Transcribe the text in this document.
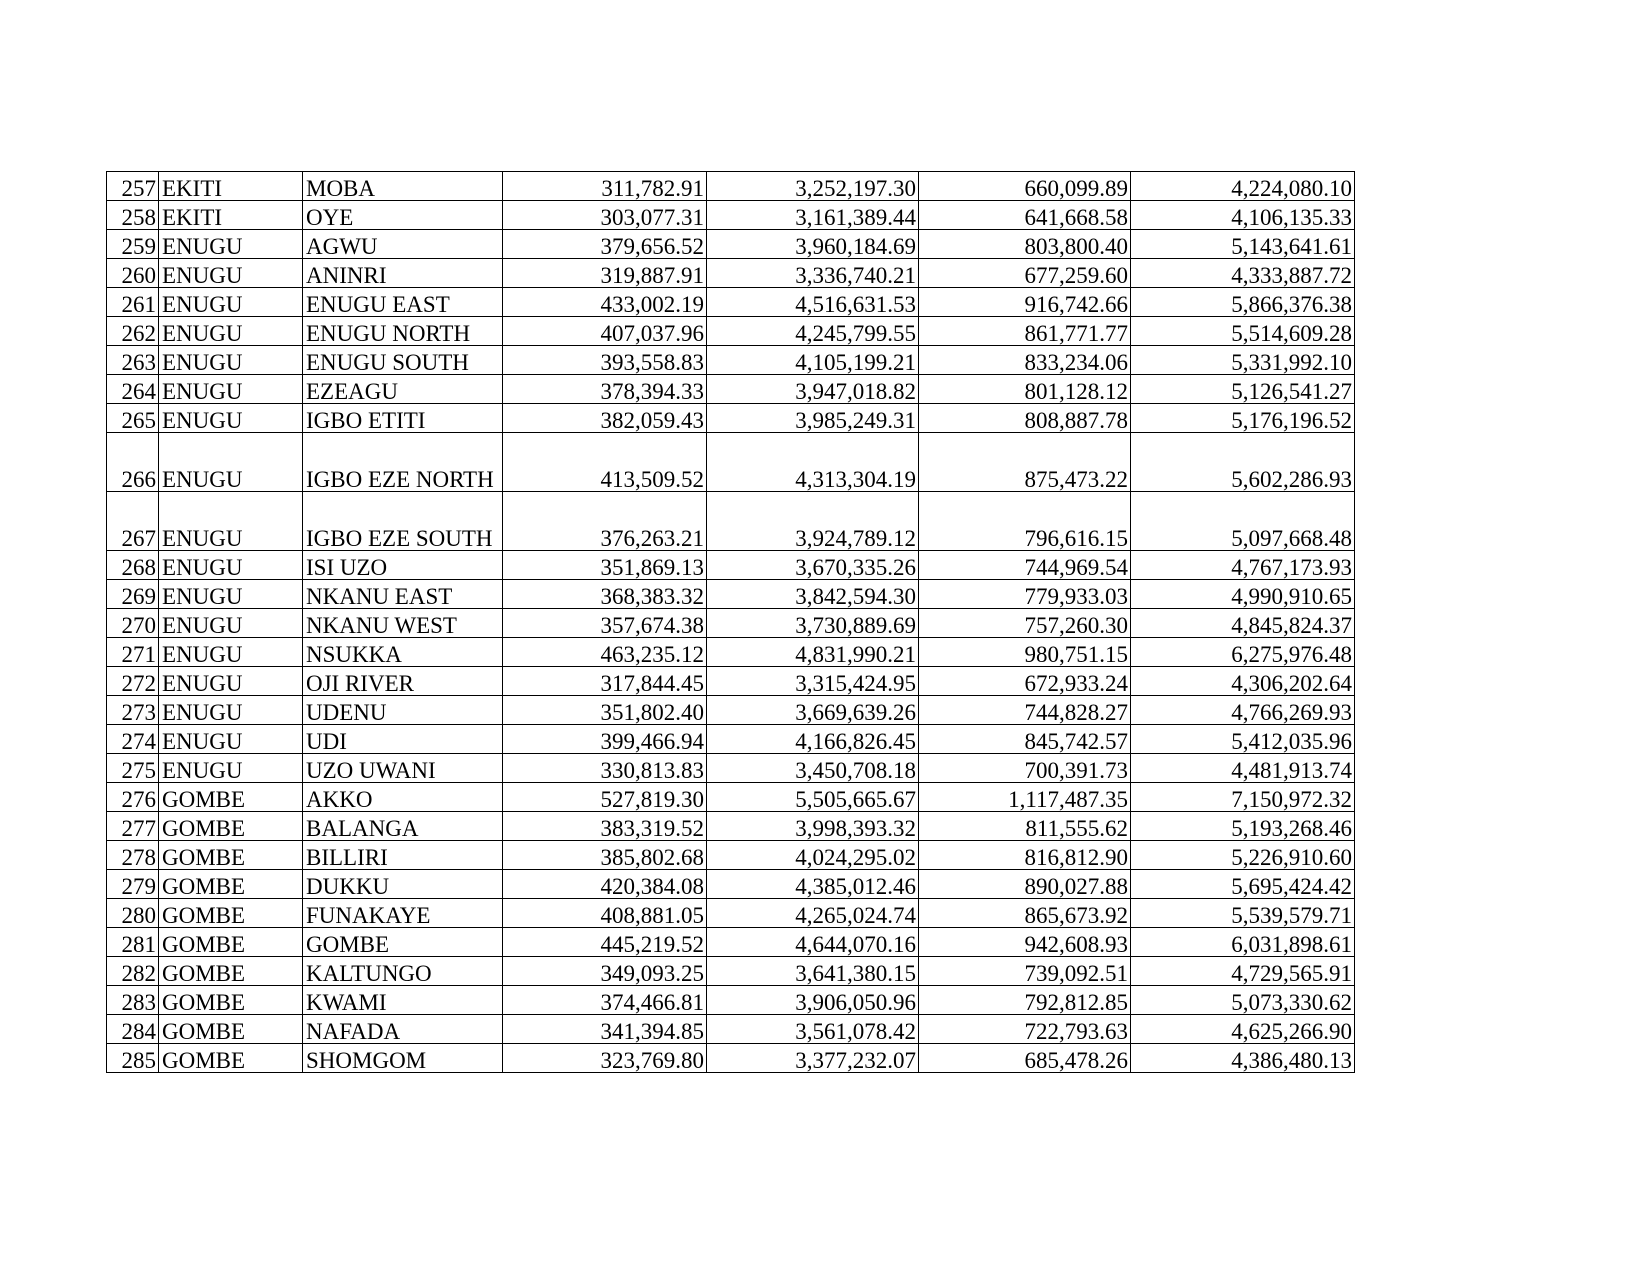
257	EKITI	MOBA	311,782.91	3,252,197.30	660,099.89	4,224,080.10
258	EKITI	OYE	303,077.31	3,161,389.44	641,668.58	4,106,135.33
259	ENUGU	AGWU	379,656.52	3,960,184.69	803,800.40	5,143,641.61
260	ENUGU	ANINRI	319,887.91	3,336,740.21	677,259.60	4,333,887.72
261	ENUGU	ENUGU EAST	433,002.19	4,516,631.53	916,742.66	5,866,376.38
262	ENUGU	ENUGU NORTH	407,037.96	4,245,799.55	861,771.77	5,514,609.28
263	ENUGU	ENUGU SOUTH	393,558.83	4,105,199.21	833,234.06	5,331,992.10
264	ENUGU	EZEAGU	378,394.33	3,947,018.82	801,128.12	5,126,541.27
265	ENUGU	IGBO ETITI	382,059.43	3,985,249.31	808,887.78	5,176,196.52
266	ENUGU	IGBO EZE NORTH	413,509.52	4,313,304.19	875,473.22	5,602,286.93
267	ENUGU	IGBO EZE SOUTH	376,263.21	3,924,789.12	796,616.15	5,097,668.48
268	ENUGU	ISI UZO	351,869.13	3,670,335.26	744,969.54	4,767,173.93
269	ENUGU	NKANU EAST	368,383.32	3,842,594.30	779,933.03	4,990,910.65
270	ENUGU	NKANU WEST	357,674.38	3,730,889.69	757,260.30	4,845,824.37
271	ENUGU	NSUKKA	463,235.12	4,831,990.21	980,751.15	6,275,976.48
272	ENUGU	OJI RIVER	317,844.45	3,315,424.95	672,933.24	4,306,202.64
273	ENUGU	UDENU	351,802.40	3,669,639.26	744,828.27	4,766,269.93
274	ENUGU	UDI	399,466.94	4,166,826.45	845,742.57	5,412,035.96
275	ENUGU	UZO UWANI	330,813.83	3,450,708.18	700,391.73	4,481,913.74
276	GOMBE	AKKO	527,819.30	5,505,665.67	1,117,487.35	7,150,972.32
277	GOMBE	BALANGA	383,319.52	3,998,393.32	811,555.62	5,193,268.46
278	GOMBE	BILLIRI	385,802.68	4,024,295.02	816,812.90	5,226,910.60
279	GOMBE	DUKKU	420,384.08	4,385,012.46	890,027.88	5,695,424.42
280	GOMBE	FUNAKAYE	408,881.05	4,265,024.74	865,673.92	5,539,579.71
281	GOMBE	GOMBE	445,219.52	4,644,070.16	942,608.93	6,031,898.61
282	GOMBE	KALTUNGO	349,093.25	3,641,380.15	739,092.51	4,729,565.91
283	GOMBE	KWAMI	374,466.81	3,906,050.96	792,812.85	5,073,330.62
284	GOMBE	NAFADA	341,394.85	3,561,078.42	722,793.63	4,625,266.90
285	GOMBE	SHOMGOM	323,769.80	3,377,232.07	685,478.26	4,386,480.13
